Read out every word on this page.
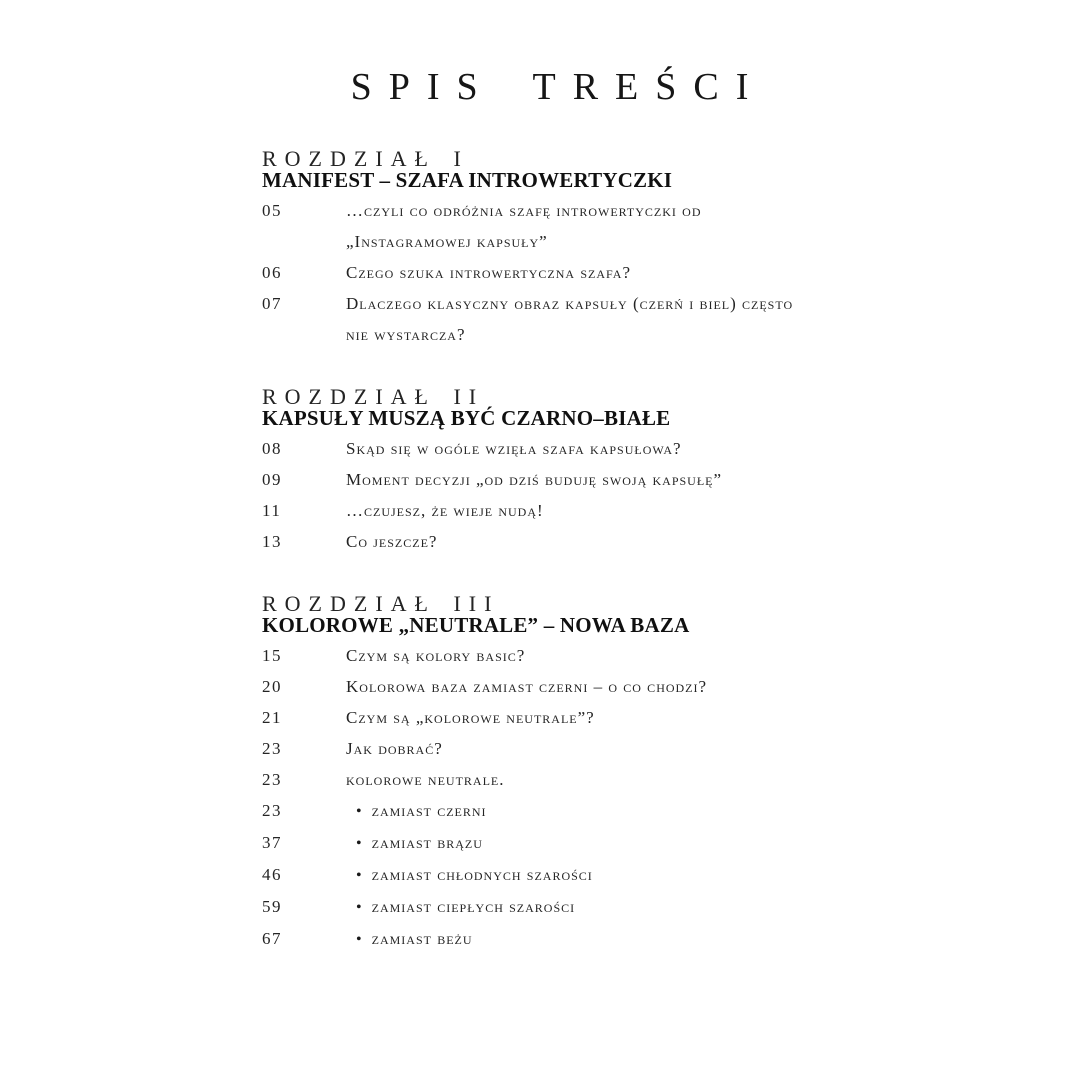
SPIS TREŚCI
ROZDZIAŁ I
MANIFEST – SZAFA INTROWERTYCZKI
05	…czyli co odróżnia szafę introwertyczki od
„Instagramowej kapsuły”
06	Czego szuka introwertyczna szafa?
07	Dlaczego klasyczny obraz kapsuły (czerń i biel) często
nie wystarcza?
ROZDZIAŁ II
KAPSUŁY MUSZĄ BYĆ CZARNO–BIAŁE
08	Skąd się w ogóle wzięła szafa kapsułowa?
09	Moment decyzji „od dziś buduję swoją kapsułę”
11	…czujesz, że wieje nudą!
13	Co jeszcze?
ROZDZIAŁ III
KOLOROWE „NEUTRALE” – NOWA BAZA
15	Czym są kolory basic?
20	Kolorowa baza zamiast czerni – o co chodzi?
21	Czym są „kolorowe neutrale”?
23	Jak dobrać?
23	kolorowe neutrale.
23	• zamiast czerni
37	• zamiast brązu
46	• zamiast chłodnych szarości
59	• zamiast ciepłych szarości
67	• zamiast beżu
